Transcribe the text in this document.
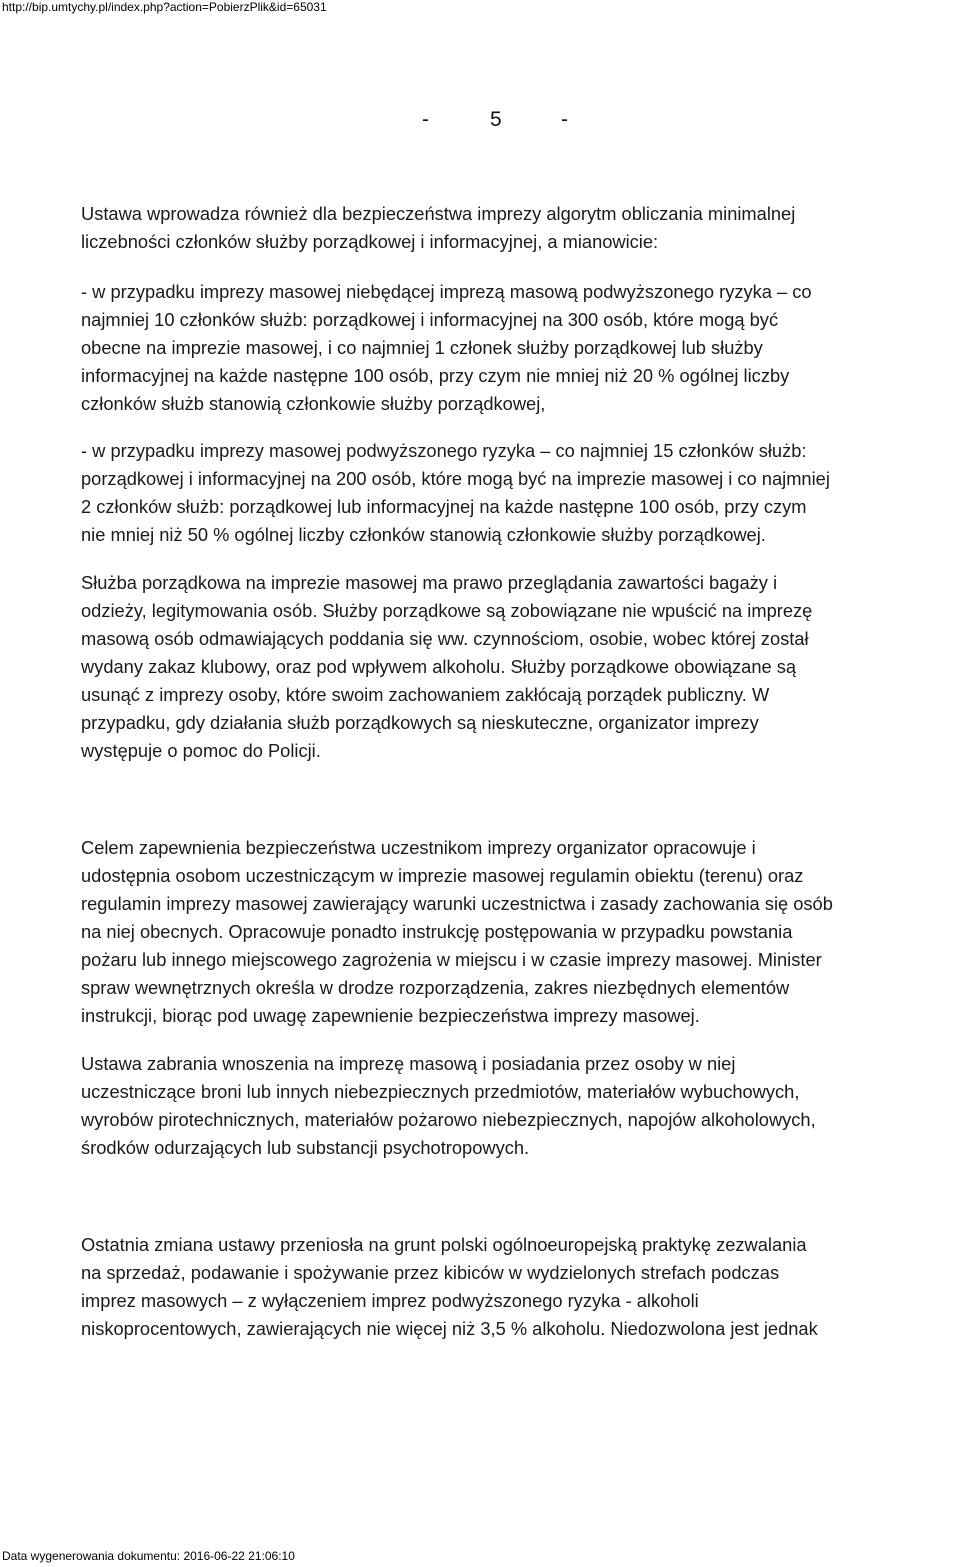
http://bip.umtychy.pl/index.php?action=PobierzPlik&id=65031
-	5	-

Ustawa wprowadza również dla bezpieczeństwa imprezy algorytm obliczania minimalnej
liczebności członków służby porządkowej i informacyjnej, a mianowicie:

- w przypadku imprezy masowej niebędącej imprezą masową podwyższonego ryzyka – co
najmniej 10 członków służb: porządkowej i informacyjnej na 300 osób, które mogą być
obecne na imprezie masowej, i co najmniej 1 członek służby porządkowej lub służby
informacyjnej na każde następne 100 osób, przy czym nie mniej niż 20 % ogólnej liczby
członków służb stanowią członkowie służby porządkowej,

- w przypadku imprezy masowej podwyższonego ryzyka – co najmniej 15 członków służb:
porządkowej i informacyjnej na 200 osób, które mogą być na imprezie masowej i co najmniej
2 członków służb: porządkowej lub informacyjnej na każde następne 100 osób, przy czym
nie mniej niż 50 % ogólnej liczby członków stanowią członkowie służby porządkowej.

Służba porządkowa na imprezie masowej ma prawo przeglądania zawartości bagaży i
odzieży, legitymowania osób. Służby porządkowe są zobowiązane nie wpuścić na imprezę
masową osób odmawiających poddania się ww. czynnościom, osobie, wobec której został
wydany zakaz klubowy, oraz pod wpływem alkoholu. Służby porządkowe obowiązane są
usunąć z imprezy osoby, które swoim zachowaniem zakłócają porządek publiczny. W
przypadku, gdy działania służb porządkowych są nieskuteczne, organizator imprezy
występuje o pomoc do Policji.

Celem zapewnienia bezpieczeństwa uczestnikom imprezy organizator opracowuje i
udostępnia osobom uczestniczącym w imprezie masowej regulamin obiektu (terenu) oraz
regulamin imprezy masowej zawierający warunki uczestnictwa i zasady zachowania się osób
na niej obecnych. Opracowuje ponadto instrukcję postępowania w przypadku powstania
pożaru lub innego miejscowego zagrożenia w miejscu i w czasie imprezy masowej. Minister
spraw wewnętrznych określa w drodze rozporządzenia, zakres niezbędnych elementów
instrukcji, biorąc pod uwagę zapewnienie bezpieczeństwa imprezy masowej.

Ustawa zabrania wnoszenia na imprezę masową i posiadania przez osoby w niej
uczestniczące broni lub innych niebezpiecznych przedmiotów, materiałów wybuchowych,
wyrobów pirotechnicznych, materiałów pożarowo niebezpiecznych, napojów alkoholowych,
środków odurzających lub substancji psychotropowych.

Ostatnia zmiana ustawy przeniosła na grunt polski ogólnoeuropejską praktykę zezwalania
na sprzedaż, podawanie i spożywanie przez kibiców w wydzielonych strefach podczas
imprez masowych – z wyłączeniem imprez podwyższonego ryzyka - alkoholi
niskoprocentowych, zawierających nie więcej niż 3,5 % alkoholu. Niedozwolona jest jednak

Data wygenerowania dokumentu: 2016-06-22 21:06:10
